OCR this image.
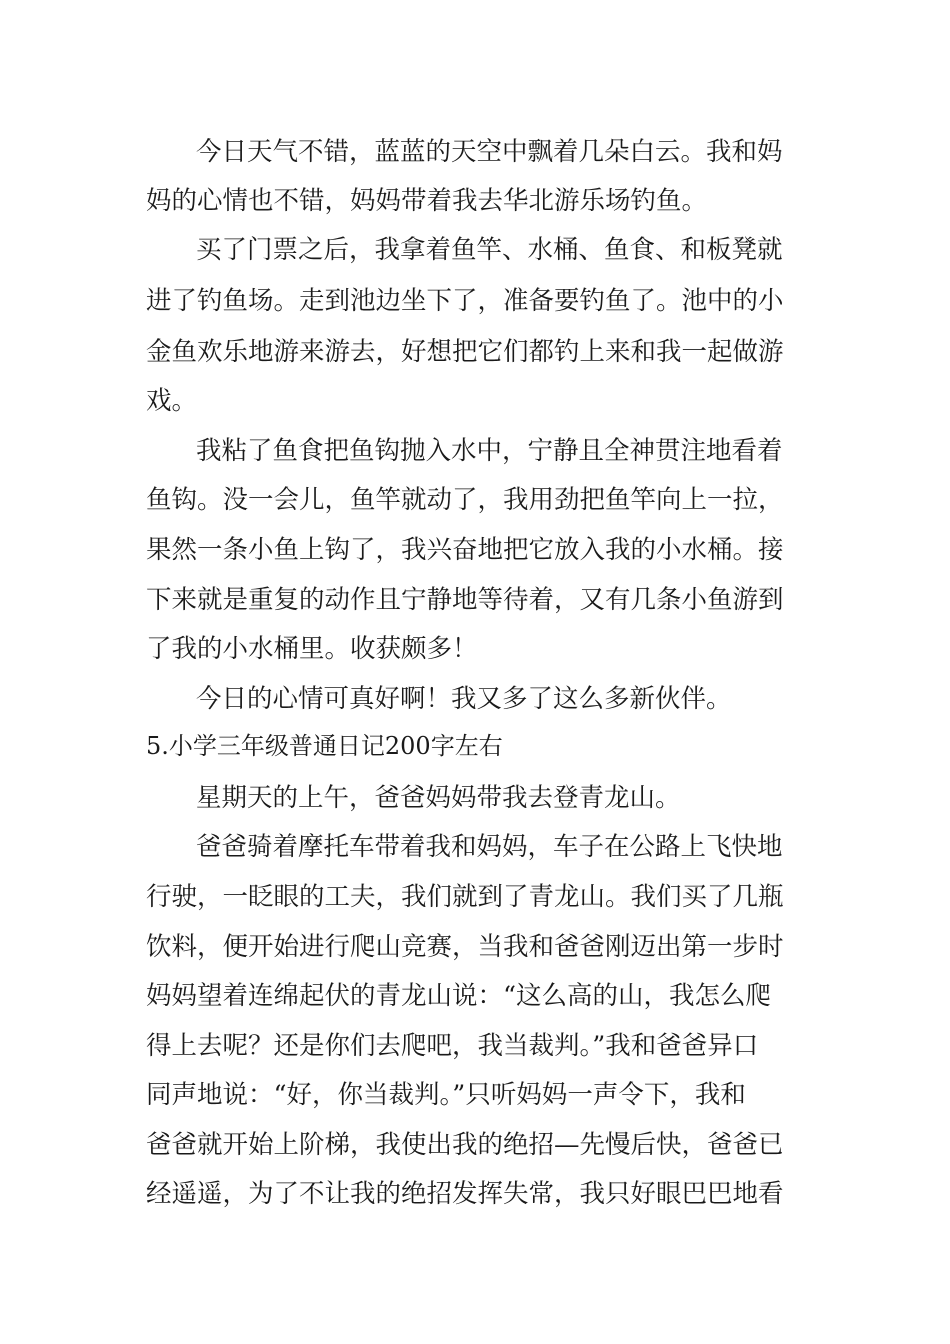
今日天气不错，蓝蓝的天空中飘着几朵白云。我和妈
妈的心情也不错，妈妈带着我去华北游乐场钓鱼。
买了门票之后，我拿着鱼竿、水桶、鱼食、和板凳就
进了钓鱼场。走到池边坐下了，准备要钓鱼了。池中的小
金鱼欢乐地游来游去，好想把它们都钓上来和我一起做游
戏。
我粘了鱼食把鱼钩抛入水中，宁静且全神贯注地看着
鱼钩。没一会儿，鱼竿就动了，我用劲把鱼竿向上一拉，
果然一条小鱼上钩了，我兴奋地把它放入我的小水桶。接
下来就是重复的动作且宁静地等待着，又有几条小鱼游到
了我的小水桶里。收获颇多！
今日的心情可真好啊！我又多了这么多新伙伴。
5.小学三年级普通日记200字左右
星期天的上午，爸爸妈妈带我去登青龙山。
爸爸骑着摩托车带着我和妈妈，车子在公路上飞快地
行驶，一眨眼的工夫，我们就到了青龙山。我们买了几瓶
饮料，便开始进行爬山竞赛，当我和爸爸刚迈出第一步时
妈妈望着连绵起伏的青龙山说：“这么高的山，我怎么爬
得上去呢？还是你们去爬吧，我当裁判。”我和爸爸异口
同声地说：“好，你当裁判。”只听妈妈一声令下，我和
爸爸就开始上阶梯，我使出我的绝招—先慢后快，爸爸已
经遥遥，为了不让我的绝招发挥失常，我只好眼巴巴地看
